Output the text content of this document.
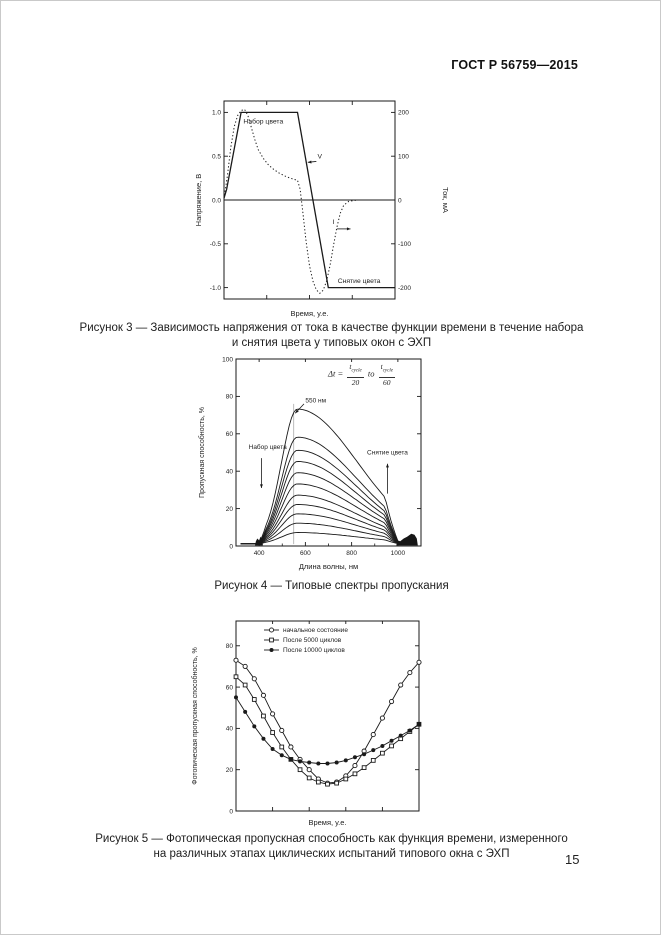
ГОСТ Р 56759—2015
1.0
0.5
0.0
-0.5
-1.0
200
100
0
-100
-200
Набор цвета
V
I
Снятие цвета
Напряжение, В	Ток, мА
Время, у.е.
Рисунок 3 — Зависимость напряжения от тока в качестве функции времени в течение набора
и снятия цвета у типовых окон с ЭХП
0
20
40
60
80
100
400	600	800	1000
550 нм
Набор цвета
Снятие цвета
Пропускная способность, %
Длина волны, нм
$\Delta t = \frac{t_{cycle}}{20}$ to $\frac{t_{cycle}}{60}$
Рисунок 4 — Типовые спектры пропускания
0
20
40
60
80
начальное состояние
После 5000 циклов
После 10000 циклов
Фотопическая пропускная способность, %
Время, у.е.
Рисунок 5 — Фотопическая пропускная способность как функция времени, измеренного
на различных этапах циклических испытаний типового окна с ЭХП	15
